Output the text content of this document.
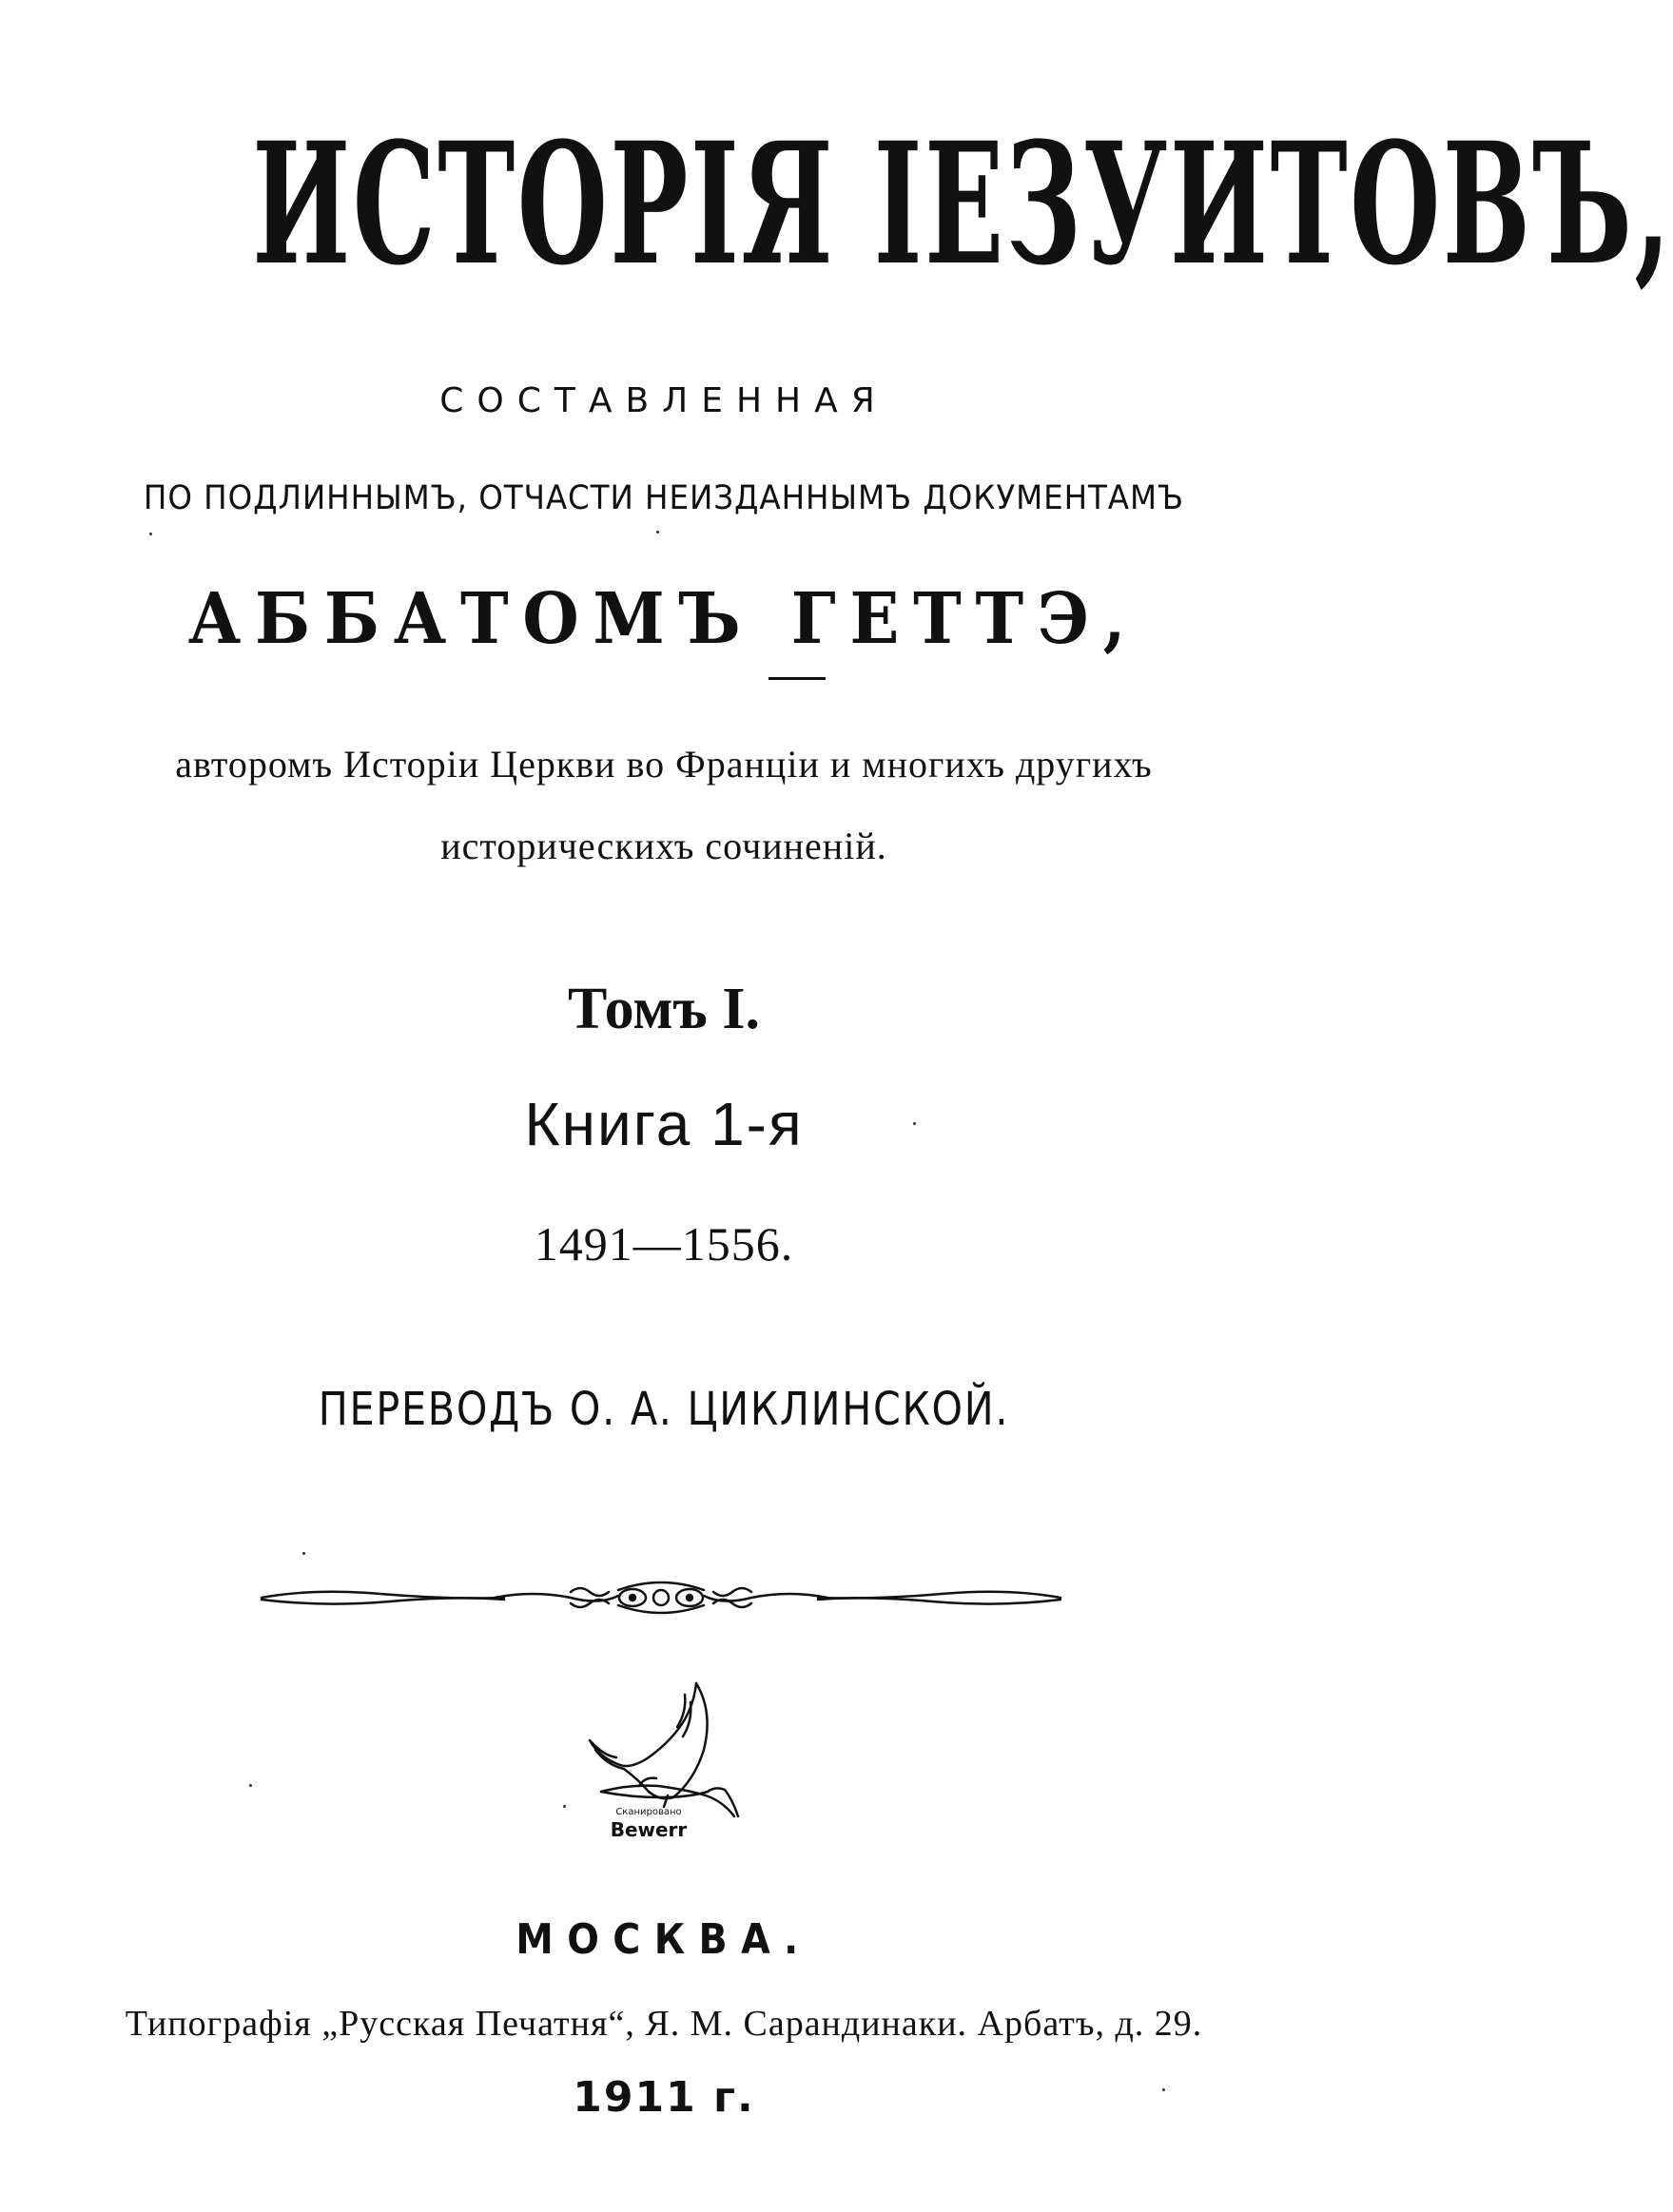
ИСТОРІЯ ІЕЗУИТОВЪ,
СОСТАВЛЕННАЯ
ПО ПОДЛИННЫМЪ, ОТЧАСТИ НЕИЗДАННЫМЪ ДОКУМЕНТАМЪ
АББАТОМЪ ГЕТТЭ,
авторомъ Исторіи Церкви во Франціи и многихъ другихъ
историческихъ сочиненій.
Томъ I.
Книга 1-я
1491—1556.
ПЕРЕВОДЪ О. А. ЦИКЛИНСКОЙ.
Сканировано
Bewerr
МОСКВА.
Типографія „Русская Печатня“, Я. М. Сарандинаки. Арбатъ, д. 29.
1911 г.
